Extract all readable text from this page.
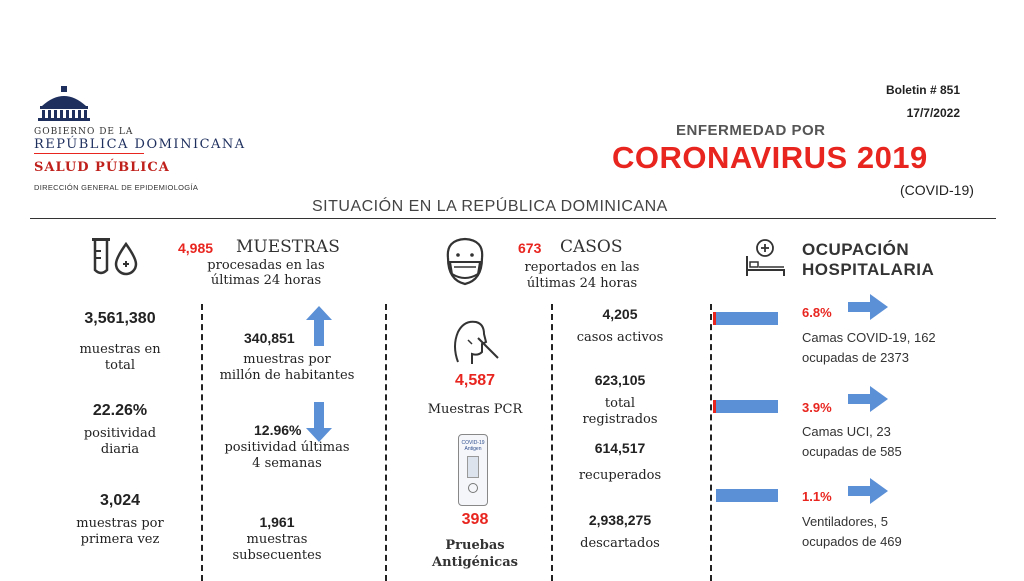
GOBIERNO DE LA
REPÚBLICA DOMINICANA
SALUD PÚBLICA
DIRECCIÓN GENERAL DE EPIDEMIOLOGÍA
Boletin # 851
17/7/2022
ENFERMEDAD POR
CORONAVIRUS 2019
(COVID-19)
SITUACIÓN EN LA REPÚBLICA DOMINICANA
4,985 MUESTRAS
procesadas en las
últimas 24 horas
3,561,380
muestras en
total
22.26%
positividad
diaria
3,024
muestras por
primera vez
340,851
muestras por
millón de habitantes
12.96%
positividad últimas
4 semanas
1,961
muestras
subsecuentes
673 CASOS
reportados en las
últimas 24 horas
4,587
Muestras PCR
COVID-19 Antigen
398
Pruebas
Antigénicas
4,205
casos activos
623,105
total
registrados
614,517
recuperados
2,938,275
descartados
OCUPACIÓN
HOSPITALARIA
6.8%
Camas COVID-19, 162
ocupadas de 2373
3.9%
Camas UCI, 23
ocupadas de 585
1.1%
Ventiladores, 5
ocupados de 469
